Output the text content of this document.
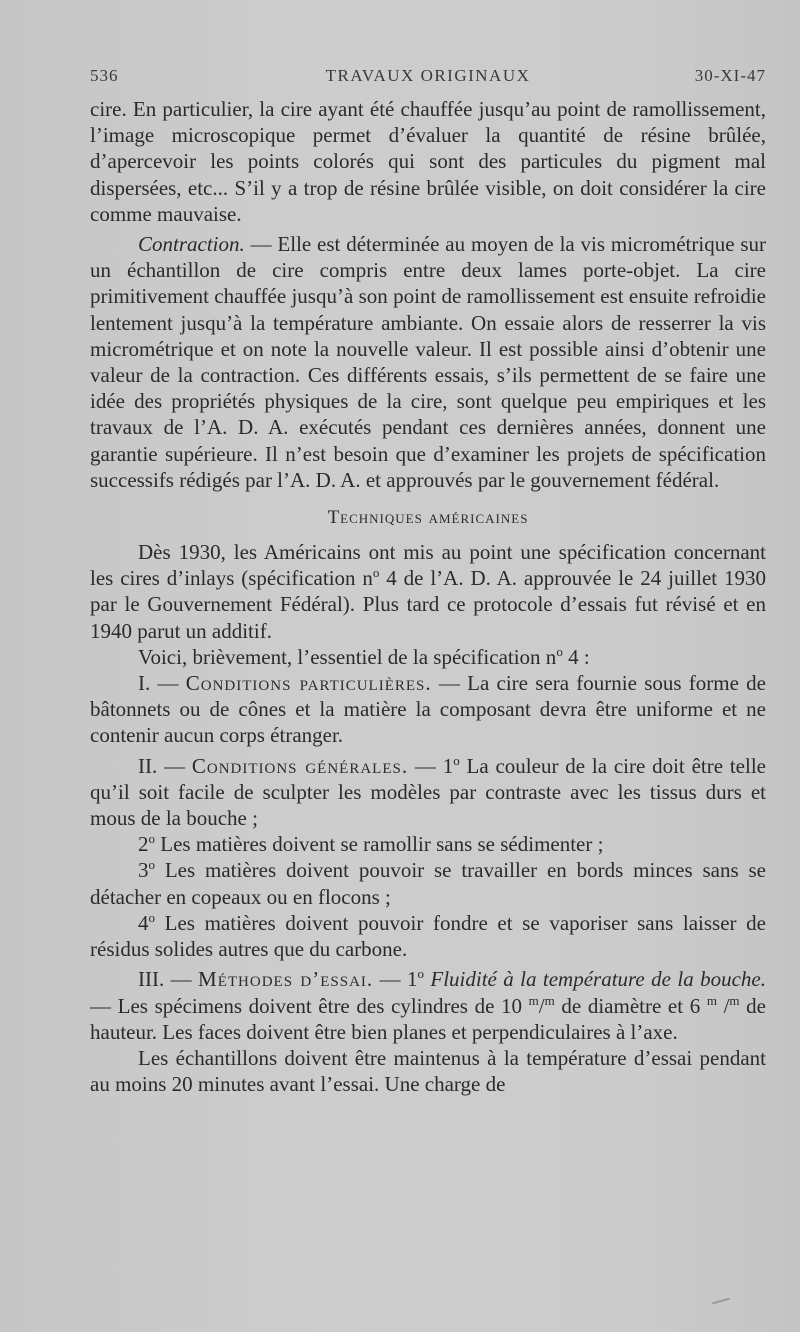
536	TRAVAUX ORIGINAUX	30-XI-47

cire. En particulier, la cire ayant été chauffée jusqu’au point de ramollissement, l’image microscopique permet d’évaluer la quantité de résine brûlée, d’apercevoir les points colorés qui sont des particules du pigment mal dispersées, etc... S’il y a trop de résine brûlée visible, on doit considérer la cire comme mauvaise.

Contraction. — Elle est déterminée au moyen de la vis micrométrique sur un échantillon de cire compris entre deux lames porte-objet. La cire primitivement chauffée jusqu’à son point de ramollissement est ensuite refroidie lentement jusqu’à la température ambiante. On essaie alors de resserrer la vis micrométrique et on note la nouvelle valeur. Il est possible ainsi d’obtenir une valeur de la contraction. Ces différents essais, s’ils permettent de se faire une idée des propriétés physiques de la cire, sont quelque peu empiriques et les travaux de l’A. D. A. exécutés pendant ces dernières années, donnent une garantie supérieure. Il n’est besoin que d’examiner les projets de spécification successifs rédigés par l’A. D. A. et approuvés par le gouvernement fédéral.

Techniques américaines

Dès 1930, les Américains ont mis au point une spécification concernant les cires d’inlays (spécification $n^o$ 4 de l’A. D. A. approuvée le 24 juillet 1930 par le Gouvernement Fédéral). Plus tard ce protocole d’essais fut révisé et en 1940 parut un additif.

Voici, brièvement, l’essentiel de la spécification $n^o$ 4 :

I. — Conditions particulières. — La cire sera fournie sous forme de bâtonnets ou de cônes et la matière la composant devra être uniforme et ne contenir aucun corps étranger.

II. — Conditions générales. — 1$^o$ La couleur de la cire doit être telle qu’il soit facile de sculpter les modèles par contraste avec les tissus durs et mous de la bouche ;

2$^o$ Les matières doivent se ramollir sans se sédimenter ;

3$^o$ Les matières doivent pouvoir se travailler en bords minces sans se détacher en copeaux ou en flocons ;

4$^o$ Les matières doivent pouvoir fondre et se vaporiser sans laisser de résidus solides autres que du carbone.

III. — Méthodes d’essai. — 1$^o$ Fluidité à la température de la bouche. — Les spécimens doivent être des cylindres de 10 $^m$/$^m$ de diamètre et 6 $^m$ /$^m$ de hauteur. Les faces doivent être bien planes et perpendiculaires à l’axe.

Les échantillons doivent être maintenus à la température d’essai pendant au moins 20 minutes avant l’essai. Une charge de
